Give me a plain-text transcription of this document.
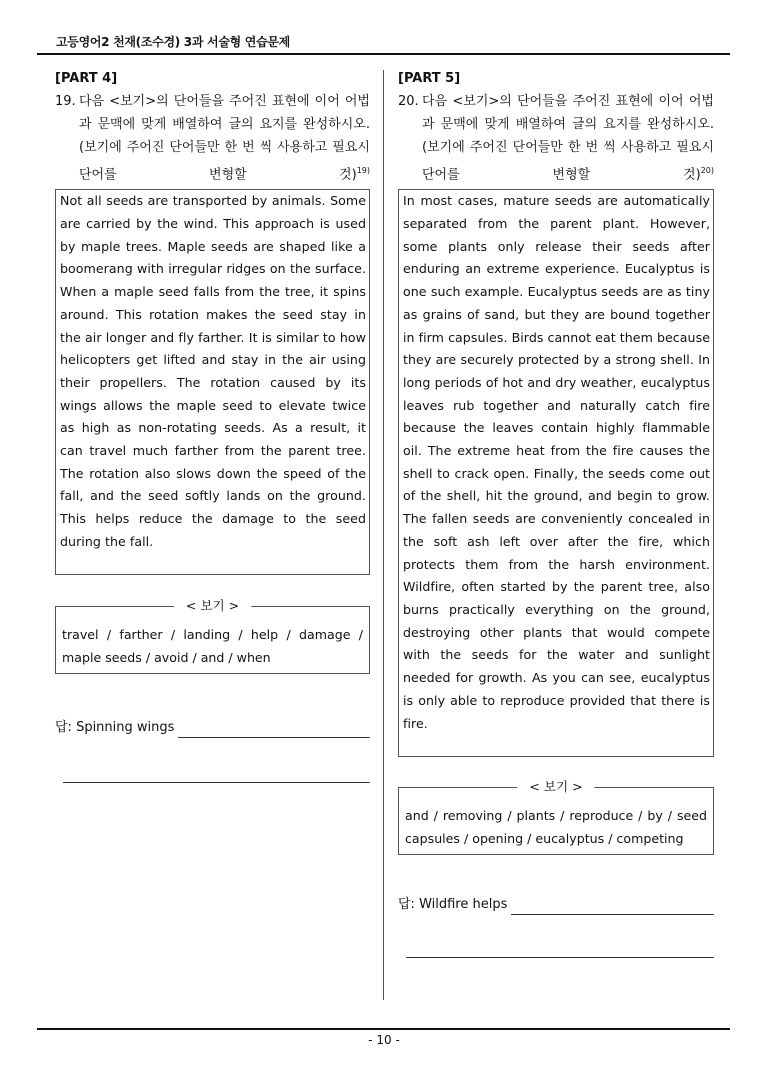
고등영어2 천재(조수경) 3과 서술형 연습문제
[PART 4]
19. 다음 <보기>의 단어들을 주어진 표현에 이어 어법과 문맥에 맞게 배열하여 글의 요지를 완성하시오. (보기에 주어진 단어들만 한 번 씩 사용하고 필요시 단어를 변형할 것)$^{19)}$
Not all seeds are transported by animals. Some are carried by the wind. This approach is used by maple trees. Maple seeds are shaped like a boomerang with irregular ridges on the surface. When a maple seed falls from the tree, it spins around. This rotation makes the seed stay in the air longer and fly farther. It is similar to how helicopters get lifted and stay in the air using their propellers. The rotation caused by its wings allows the maple seed to elevate twice as high as non-rotating seeds. As a result, it can travel much farther from the parent tree. The rotation also slows down the speed of the fall, and the seed softly lands on the ground. This helps reduce the damage to the seed during the fall.
< 보기 >
travel / farther / landing / help / damage / maple seeds / avoid / and / when
답: Spinning wings
[PART 5]
20. 다음 <보기>의 단어들을 주어진 표현에 이어 어법과 문맥에 맞게 배열하여 글의 요지를 완성하시오. (보기에 주어진 단어들만 한 번 씩 사용하고 필요시 단어를 변형할 것)$^{20)}$
In most cases, mature seeds are automatically separated from the parent plant. However, some plants only release their seeds after enduring an extreme experience. Eucalyptus is one such example. Eucalyptus seeds are as tiny as grains of sand, but they are bound together in firm capsules. Birds cannot eat them because they are securely protected by a strong shell. In long periods of hot and dry weather, eucalyptus leaves rub together and naturally catch fire because the leaves contain highly flammable oil. The extreme heat from the fire causes the shell to crack open. Finally, the seeds come out of the shell, hit the ground, and begin to grow. The fallen seeds are conveniently concealed in the soft ash left over after the fire, which protects them from the harsh environment. Wildfire, often started by the parent tree, also burns practically everything on the ground, destroying other plants that would compete with the seeds for the water and sunlight needed for growth. As you can see, eucalyptus is only able to reproduce provided that there is fire.
< 보기 >
and / removing / plants / reproduce / by / seed capsules / opening / eucalyptus / competing
답: Wildfire helps
- 10 -
